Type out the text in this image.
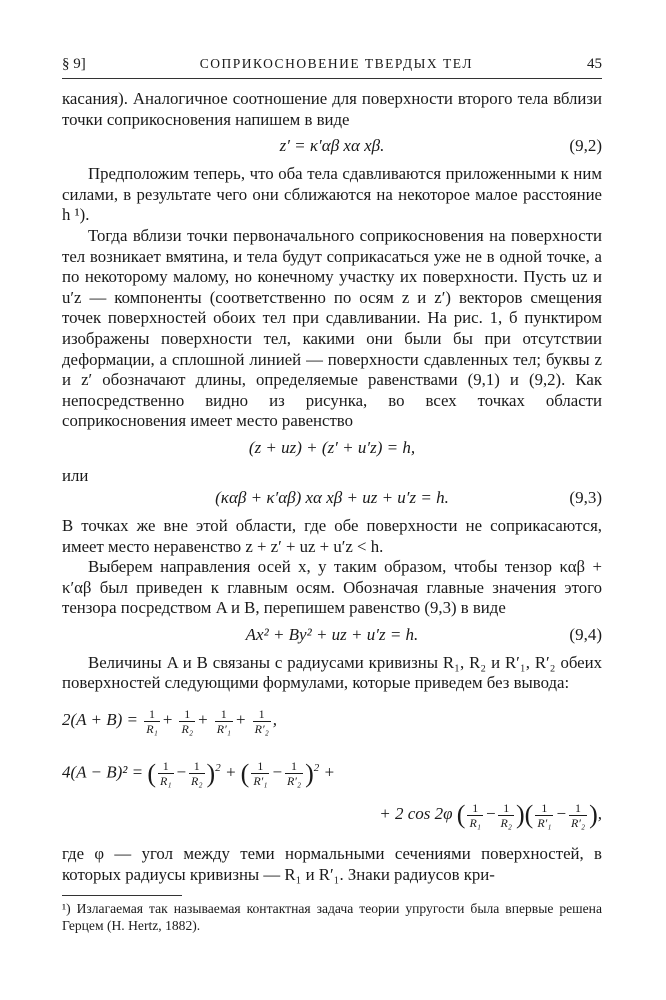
§ 9]	СОПРИКОСНОВЕНИЕ ТВЕРДЫХ ТЕЛ	45

касания). Аналогичное соотношение для поверхности второго тела вблизи точки соприкосновения напишем в виде

z′ = κ′αβ xα xβ.	(9,2)

Предположим теперь, что оба тела сдавливаются приложенными к ним силами, в результате чего они сближаются на некоторое малое расстояние h ¹).

Тогда вблизи точки первоначального соприкосновения на поверхности тел возникает вмятина, и тела будут соприкасаться уже не в одной точке, а по некоторому малому, но конечному участку их поверхности. Пусть uz и u′z — компоненты (соответственно по осям z и z′) векторов смещения точек поверхностей обоих тел при сдавливании. На рис. 1, б пунктиром изображены поверхности тел, какими они были бы при отсутствии деформации, а сплошной линией — поверхности сдавленных тел; буквы z и z′ обозначают длины, определяемые равенствами (9,1) и (9,2). Как непосредственно видно из рисунка, во всех точках области соприкосновения имеет место равенство

(z + uz) + (z′ + u′z) = h,

или

(καβ + κ′αβ) xα xβ + uz + u′z = h.	(9,3)

В точках же вне этой области, где обе поверхности не соприкасаются, имеет место неравенство z + z′ + uz + u′z < h.

Выберем направления осей x, y таким образом, чтобы тензор καβ + κ′αβ был приведен к главным осям. Обозначая главные значения этого тензора посредством A и B, перепишем равенство (9,3) в виде

Ax² + By² + uz + u′z = h.	(9,4)

Величины A и B связаны с радиусами кривизны R₁, R₂ и R′₁, R′₂ обеих поверхностей следующими формулами, которые приведем без вывода:

$2(A + B) = \frac{1}{\text{R₁}} + \frac{1}{\text{R₂}} + \frac{1}{\text{R′₁}} + \frac{1}{\text{R′₂}}$ ,
4(A − B)² = ( $\frac{1}{\text{R₁}} - \frac{1}{\text{R₂}} )^2$ + ( $\frac{1}{\text{R′₁}} - \frac{1}{\text{R′₂}} )^2$ +
+ 2 cos 2φ ( $\frac{1}{\text{R₁}} - \frac{1}{\text{R₂}}$ )( $\frac{1}{\text{R′₁}} - \frac{1}{\text{R′₂}}$ ),

где φ — угол между теми нормальными сечениями поверхностей, в которых радиусы кривизны — R₁ и R′₁. Знаки радиусов кри-

¹) Излагаемая так называемая контактная задача теории упругости была впервые решена Герцем (H. Hertz, 1882).
